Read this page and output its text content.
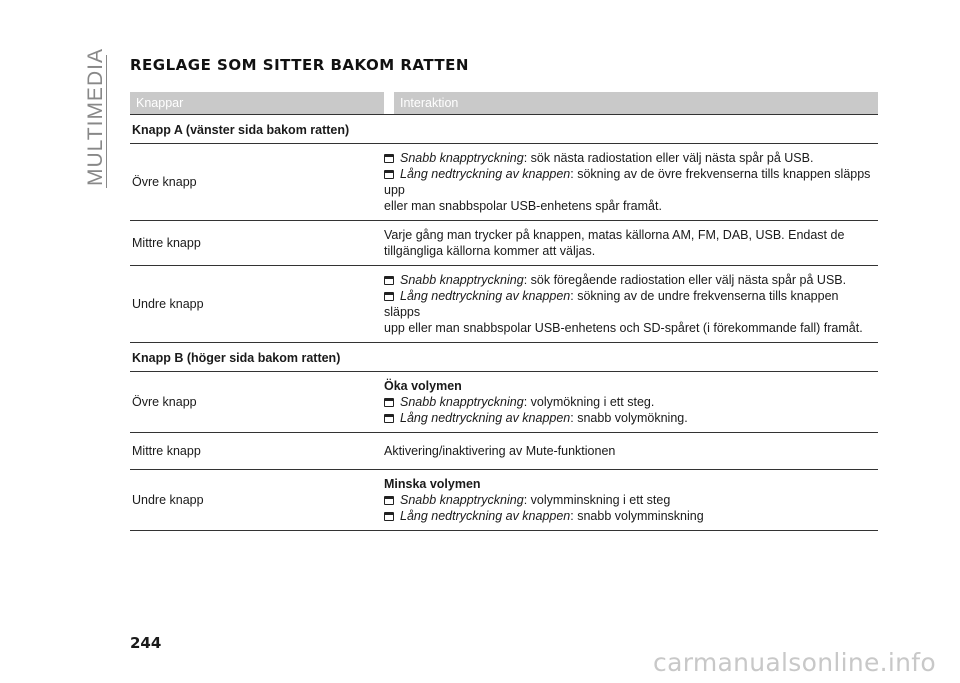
MULTIMEDIA REGLAGE SOM SITTER BAKOM RATTEN
Knappar	Interaktion
Knapp A (vänster sida bakom ratten)
Övre knapp
Snabb knapptryckning: sök nästa radiostation eller välj nästa spår på USB.
Lång nedtryckning av knappen: sökning av de övre frekvenserna tills knappen släpps upp
eller man snabbspolar USB-enhetens spår framåt.
Mittre knapp
Varje gång man trycker på knappen, matas källorna AM, FM, DAB, USB. Endast de
tillgängliga källorna kommer att väljas.
Undre knapp
Snabb knapptryckning: sök föregående radiostation eller välj nästa spår på USB.
Lång nedtryckning av knappen: sökning av de undre frekvenserna tills knappen släpps
upp eller man snabbspolar USB-enhetens och SD-spåret (i förekommande fall) framåt.
Knapp B (höger sida bakom ratten)
Övre knapp
Öka volymen
Snabb knapptryckning: volymökning i ett steg.
Lång nedtryckning av knappen: snabb volymökning.
Mittre knapp	Aktivering/inaktivering av Mute-funktionen
Undre knapp
Minska volymen
Snabb knapptryckning: volymminskning i ett steg
Lång nedtryckning av knappen: snabb volymminskning
244
carmanualsonline.info
